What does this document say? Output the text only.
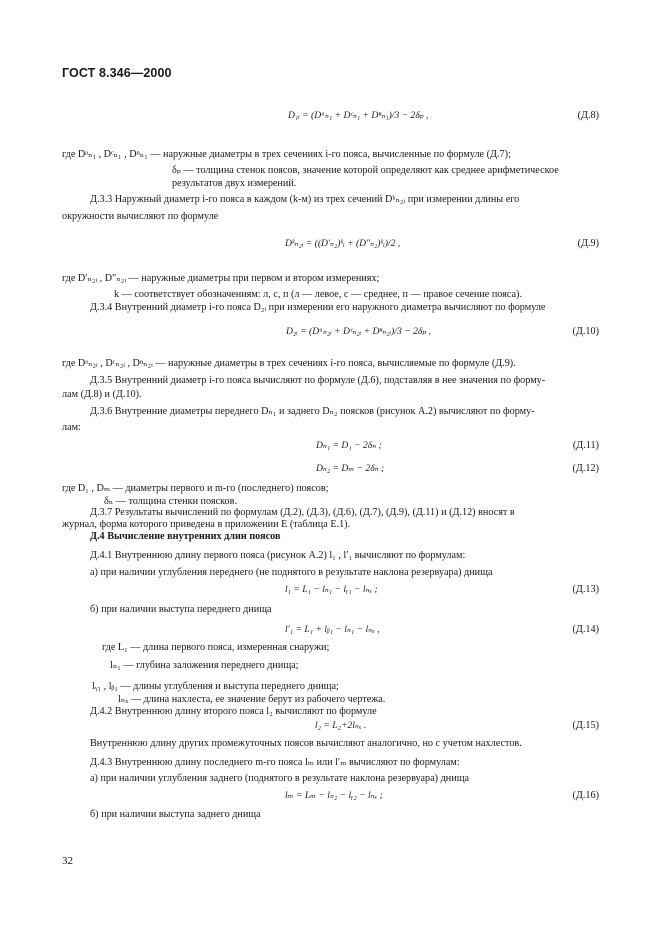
ГОСТ 8.346—2000
D₁ᵢ = (Dᵃₙ₁ + Dᶜₙ₁ + Dⁿₙ₁)/3 − 2δₚ ,	(Д.8)
где Dᵃₙ₁ , Dᶜₙ₁ , Dⁿₙ₁ — наружные диаметры в трех сечениях i-го пояса, вычисленные по формуле (Д.7);
δₚ — толщина стенок поясов, значение которой определяют как среднее арифметическое
результатов двух измерений.
Д.3.3 Наружный диаметр i-го пояса в каждом (k-м) из трех сечений Dᵏₙ₂ᵢ при измерении длины его
окружности вычисляют по формуле
Dᵏₙ₂ᵢ = ((D′ₙ₂)ᵏᵢ + (D″ₙ₂)ᵏᵢ)/2 ,	(Д.9)
где D′ₙ₂ᵢ , D″ₙ₂ᵢ — наружные диаметры при первом и втором измерениях;
k — соответствует обозначениям: л, с, п (л — левое, с — среднее, п — правое сечение пояса).
Д.3.4 Внутренний диаметр i-го пояса D₂ᵢ при измерении его наружного диаметра вычисляют по формуле
D₂ᵢ = (Dᵃₙ₂ᵢ + Dᶜₙ₂ᵢ + Dⁿₙ₂ᵢ)/3 − 2δₚ ,	(Д.10)
где Dᵃₙ₂ᵢ , Dᶜₙ₂ᵢ , Dⁿₙ₂ᵢ — наружные диаметры в трех сечениях i-го пояса, вычисляемые по формуле (Д.9).
Д.3.5 Внутренний диаметр i-го пояса вычисляют по формуле (Д.6), подставляя в нее значения по форму-
лам (Д.8) и (Д.10).
Д.3.6 Внутренние диаметры переднего Dₙ₁ и заднего Dₙ₂ поясков (рисунок А.2) вычисляют по форму-
лам:
Dₙ₁ = D₁ − 2δₙ ;	(Д.11)
Dₙ₂ = Dₘ − 2δₙ ;	(Д.12)
где D₁ , Dₘ — диаметры первого и m-го (последнего) поясов;
δₙ — толщина стенки поясков.
Д.3.7 Результаты вычислений по формулам (Д.2), (Д.3), (Д.6), (Д.7), (Д.9), (Д.11) и (Д.12) вносят в
журнал, форма которого приведена в приложении Е (таблица Е.1).
Д.4 Вычисление внутренних длин поясов
Д.4.1 Внутреннюю длину первого пояса (рисунок А.2) l₁ , l′₁ вычисляют по формулам:
а) при наличии углубления переднего (не поднятого в результате наклона резервуара) днища
l₁ = L₁ − lₙ₁ − lᵧ₁ − lₙₓ ;	(Д.13)
б) при наличии выступа переднего днища
l′₁ = L₁ + lᵦ₁ − lₙ₁ − lₙₓ ,	(Д.14)
где L₁ — длина первого пояса, измеренная снаружи;
lₙ₁ — глубина заложения переднего днища;
lᵧ₁ , lᵦ₁ — длины углубления и выступа переднего днища;
lₙₓ — длина нахлеста, ее значение берут из рабочего чертежа.
Д.4.2 Внутреннюю длину второго пояса l₂ вычисляют по формуле
l₂ = L₂+2lₙₓ .	(Д.15)
Внутреннюю длину других промежуточных поясов вычисляют аналогично, но с учетом нахлестов.
Д.4.3 Внутреннюю длину последнего m-го пояса lₘ или l′ₘ вычисляют по формулам:
а) при наличии углубления заднего (поднятого в результате наклона резервуара) днища
lₘ = Lₘ − lₙ₂ − lᵧ₂ − lₙₓ ;	(Д.16)
б) при наличии выступа заднего днища
32
